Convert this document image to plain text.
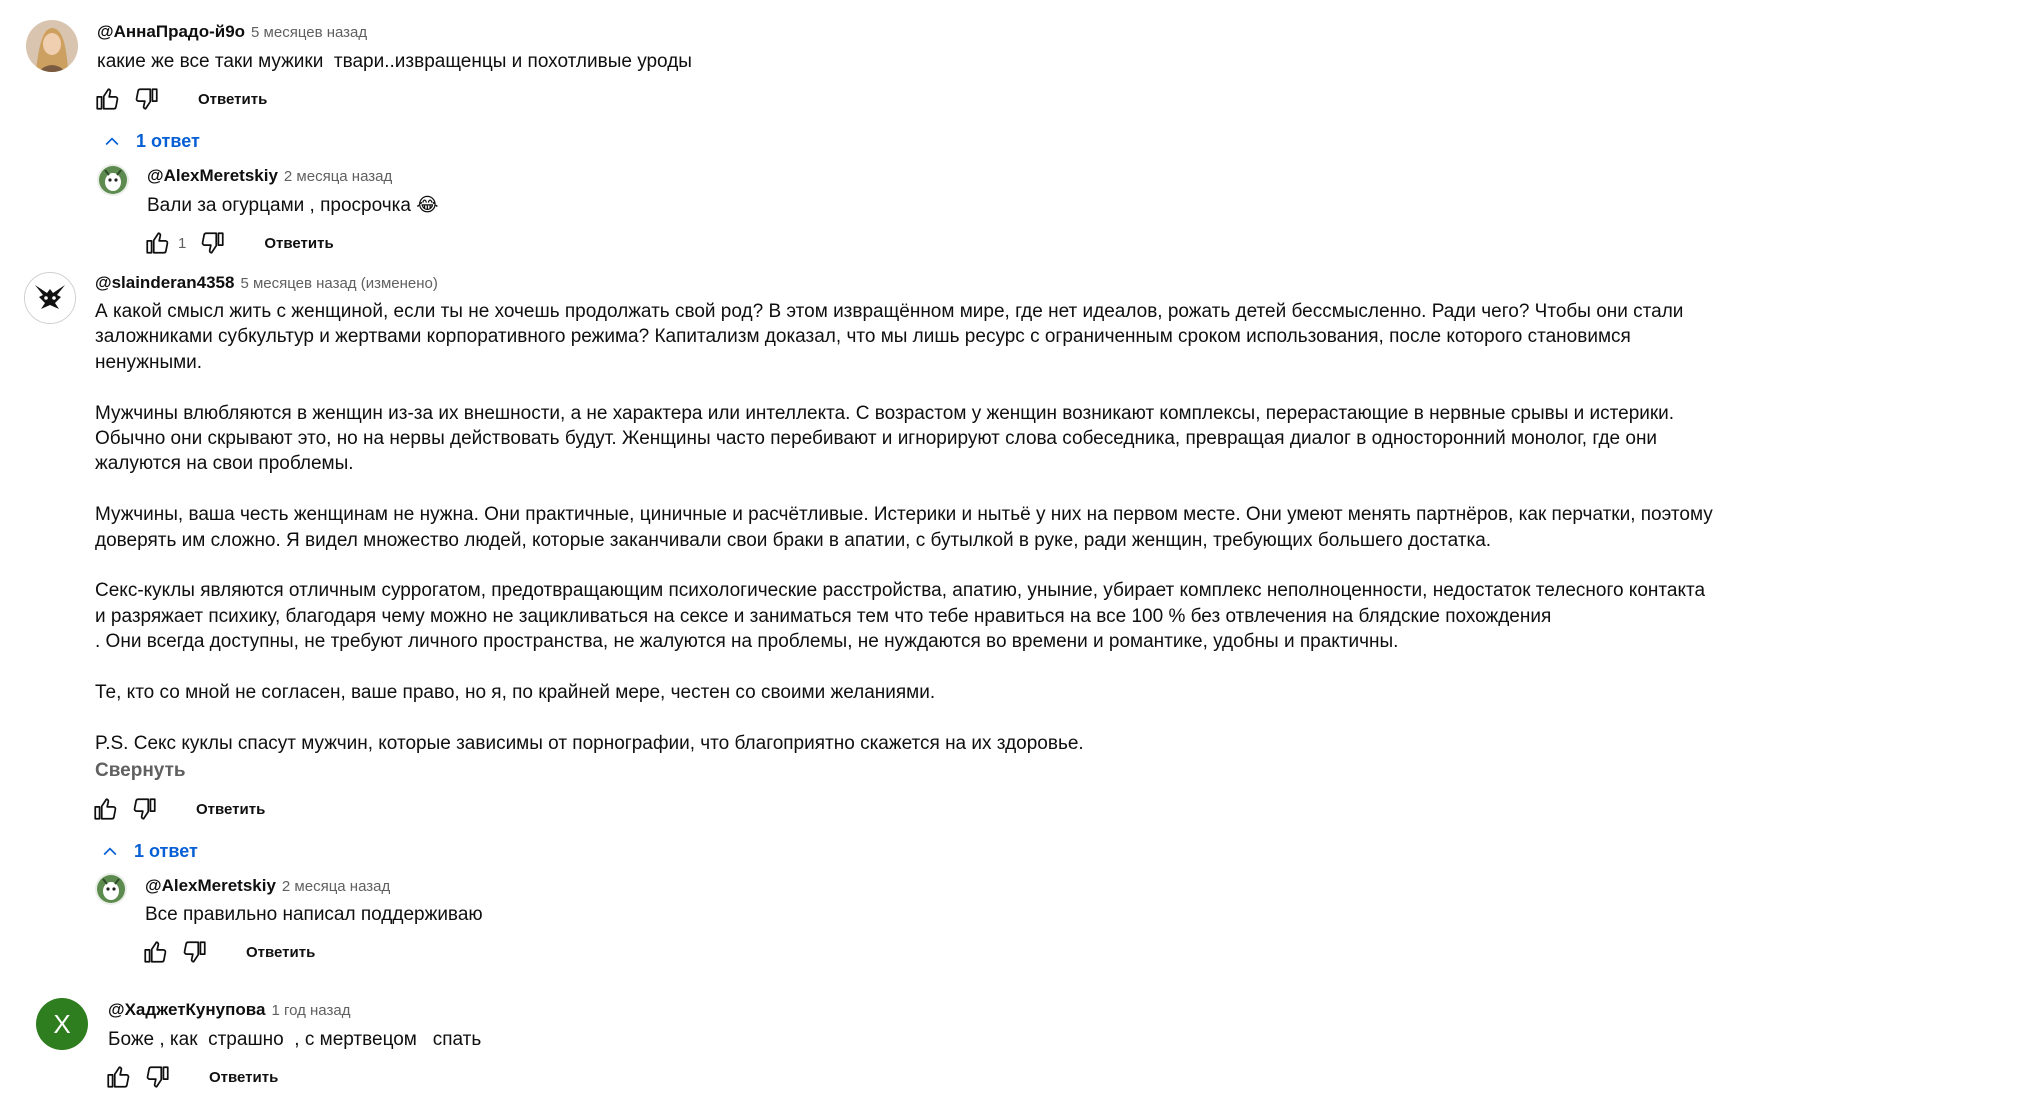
@АннаПрадо-й9о 5 месяцев назад
какие же все таки мужики  твари..извращенцы и похотливые уроды
Ответить
1 ответ
@AlexMeretskiy 2 месяца назад
Вали за огурцами , просрочка 😂
1	Ответить
@slainderan4358 5 месяцев назад (изменено)
А какой смысл жить с женщиной, если ты не хочешь продолжать свой род? В этом извращённом мире, где нет идеалов, рожать детей бессмысленно. Ради чего? Чтобы они стали
заложниками субкультур и жертвами корпоративного режима? Капитализм доказал, что мы лишь ресурс с ограниченным сроком использования, после которого становимся
ненужными.

Мужчины влюбляются в женщин из-за их внешности, а не характера или интеллекта. С возрастом у женщин возникают комплексы, перерастающие в нервные срывы и истерики.
Обычно они скрывают это, но на нервы действовать будут. Женщины часто перебивают и игнорируют слова собеседника, превращая диалог в односторонний монолог, где они
жалуются на свои проблемы.

Мужчины, ваша честь женщинам не нужна. Они практичные, циничные и расчётливые. Истерики и нытьё у них на первом месте. Они умеют менять партнёров, как перчатки, поэтому
доверять им сложно. Я видел множество людей, которые заканчивали свои браки в апатии, с бутылкой в руке, ради женщин, требующих большего достатка.

Секс-куклы являются отличным суррогатом, предотвращающим психологические расстройства, апатию, уныние, убирает комплекс неполноценности, недостаток телесного контакта
и разряжает психику, благодаря чему можно не зацикливаться на сексе и заниматься тем что тебе нравиться на все 100 % без отвлечения на блядские похождения
. Они всегда доступны, не требуют личного пространства, не жалуются на проблемы, не нуждаются во времени и романтике, удобны и практичны.

Те, кто со мной не согласен, ваше право, но я, по крайней мере, честен со своими желаниями.

P.S. Секс куклы спасут мужчин, которые зависимы от порнографии, что благоприятно скажется на их здоровье.
Свернуть
Ответить
1 ответ
@AlexMeretskiy 2 месяца назад
Все правильно написал поддерживаю
Ответить
Х @ХаджетКунупова 1 год назад
Боже , как  страшно  , с мертвецом   спать
Ответить
